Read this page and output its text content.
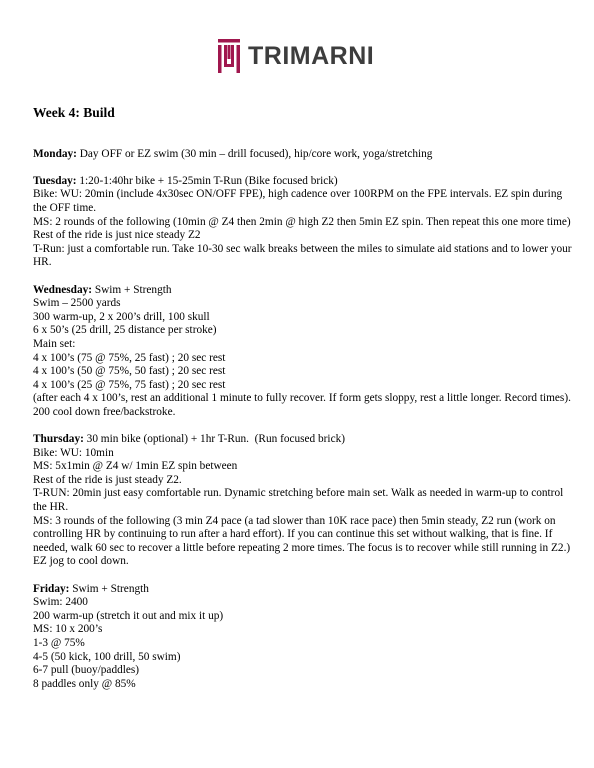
TRIMARNI
Week 4: Build
Monday: Day OFF or EZ swim (30 min – drill focused), hip/core work, yoga/stretching
Tuesday: 1:20-1:40hr bike + 15-25min T-Run (Bike focused brick)
Bike: WU: 20min (include 4x30sec ON/OFF FPE), high cadence over 100RPM on the FPE intervals. EZ spin during the OFF time.
MS: 2 rounds of the following (10min @ Z4 then 2min @ high Z2 then 5min EZ spin. Then repeat this one more time)
Rest of the ride is just nice steady Z2
T-Run: just a comfortable run. Take 10-30 sec walk breaks between the miles to simulate aid stations and to lower your HR.
Wednesday: Swim + Strength
Swim – 2500 yards
300 warm-up, 2 x 200’s drill, 100 skull
6 x 50’s (25 drill, 25 distance per stroke)
Main set:
4 x 100’s (75 @ 75%, 25 fast) ; 20 sec rest
4 x 100’s (50 @ 75%, 50 fast) ; 20 sec rest
4 x 100’s (25 @ 75%, 75 fast) ; 20 sec rest
(after each 4 x 100’s, rest an additional 1 minute to fully recover. If form gets sloppy, rest a little longer. Record times).
200 cool down free/backstroke.
Thursday: 30 min bike (optional) + 1hr T-Run.  (Run focused brick)
Bike: WU: 10min
MS: 5x1min @ Z4 w/ 1min EZ spin between
Rest of the ride is just steady Z2.
T-RUN: 20min just easy comfortable run. Dynamic stretching before main set. Walk as needed in warm-up to control the HR.
MS: 3 rounds of the following (3 min Z4 pace (a tad slower than 10K race pace) then 5min steady, Z2 run (work on controlling HR by continuing to run after a hard effort). If you can continue this set without walking, that is fine. If needed, walk 60 sec to recover a little before repeating 2 more times. The focus is to recover while still running in Z2.)
EZ jog to cool down.
Friday: Swim + Strength
Swim: 2400
200 warm-up (stretch it out and mix it up)
MS: 10 x 200’s
1-3 @ 75%
4-5 (50 kick, 100 drill, 50 swim)
6-7 pull (buoy/paddles)
8 paddles only @ 85%
